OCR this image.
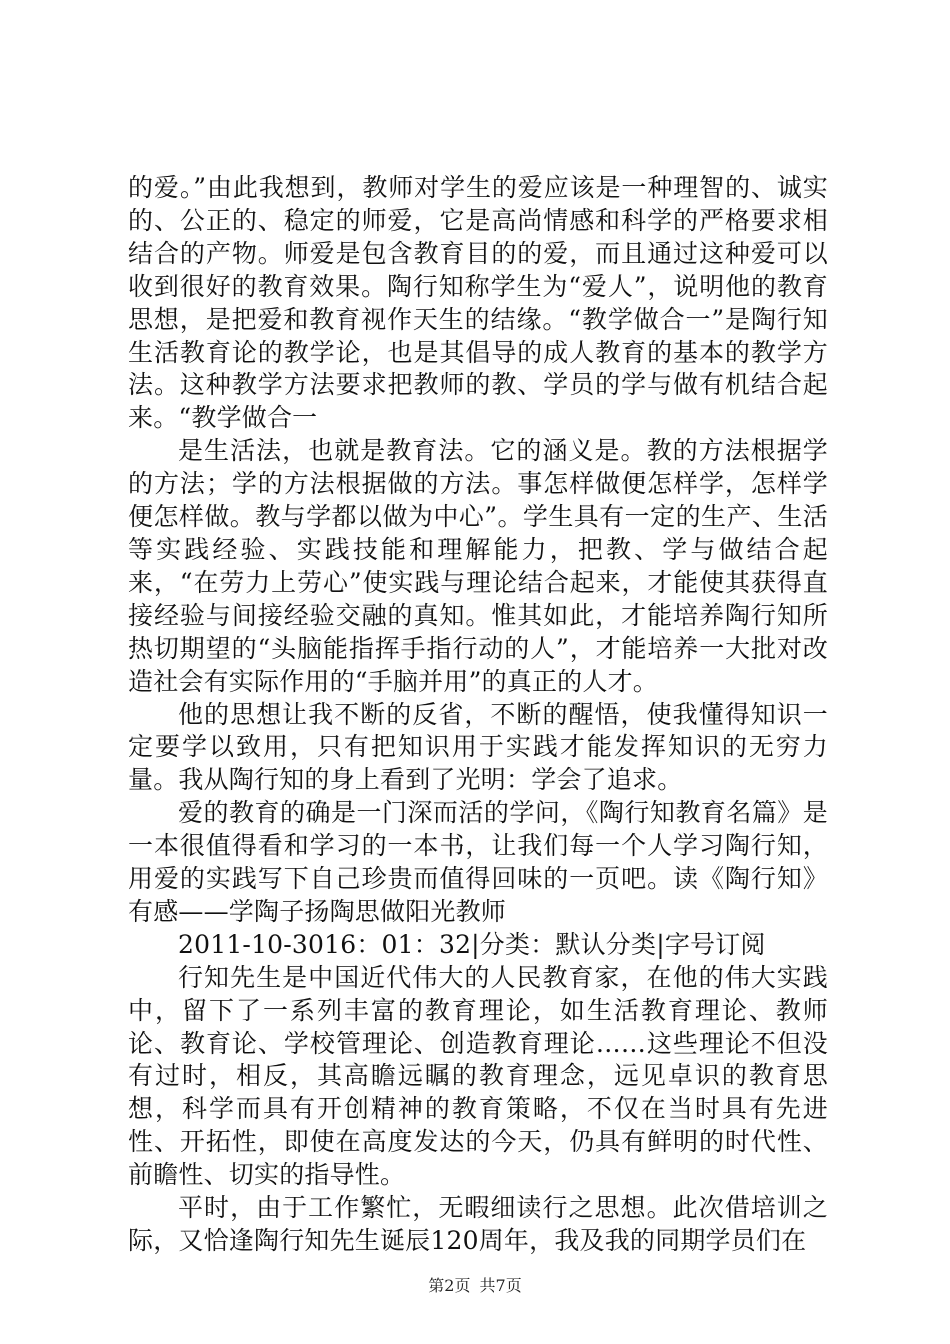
的爱。”由此我想到，教师对学生的爱应该是一种理智的、诚实的、公正的、稳定的师爱，它是高尚情感和科学的严格要求相结合的产物。师爱是包含教育目的的爱，而且通过这种爱可以收到很好的教育效果。陶行知称学生为“爱人”，说明他的教育思想，是把爱和教育视作天生的结缘。“教学做合一”是陶行知生活教育论的教学论，也是其倡导的成人教育的基本的教学方法。这种教学方法要求把教师的教、学员的学与做有机结合起来。“教学做合一

是生活法，也就是教育法。它的涵义是。教的方法根据学的方法；学的方法根据做的方法。事怎样做便怎样学，怎样学便怎样做。教与学都以做为中心”。学生具有一定的生产、生活等实践经验、实践技能和理解能力，把教、学与做结合起来，“在劳力上劳心”使实践与理论结合起来，才能使其获得直接经验与间接经验交融的真知。惟其如此，才能培养陶行知所热切期望的“头脑能指挥手指行动的人”，才能培养一大批对改造社会有实际作用的“手脑并用”的真正的人才。

他的思想让我不断的反省，不断的醒悟，使我懂得知识一定要学以致用，只有把知识用于实践才能发挥知识的无穷力量。我从陶行知的身上看到了光明：学会了追求。

爱的教育的确是一门深而活的学问，《陶行知教育名篇》是一本很值得看和学习的一本书，让我们每一个人学习陶行知，用爱的实践写下自己珍贵而值得回味的一页吧。读《陶行知》有感——学陶子扬陶思做阳光教师

2011-10-3016：01：32|分类：默认分类|字号订阅

行知先生是中国近代伟大的人民教育家，在他的伟大实践中，留下了一系列丰富的教育理论，如生活教育理论、教师论、教育论、学校管理论、创造教育理论……这些理论不但没有过时，相反，其高瞻远瞩的教育理念，远见卓识的教育思想，科学而具有开创精神的教育策略，不仅在当时具有先进性、开拓性，即使在高度发达的今天，仍具有鲜明的时代性、前瞻性、切实的指导性。

平时，由于工作繁忙，无暇细读行之思想。此次借培训之际，又恰逢陶行知先生诞辰120周年，我及我的同期学员们在

第2页 共7页
